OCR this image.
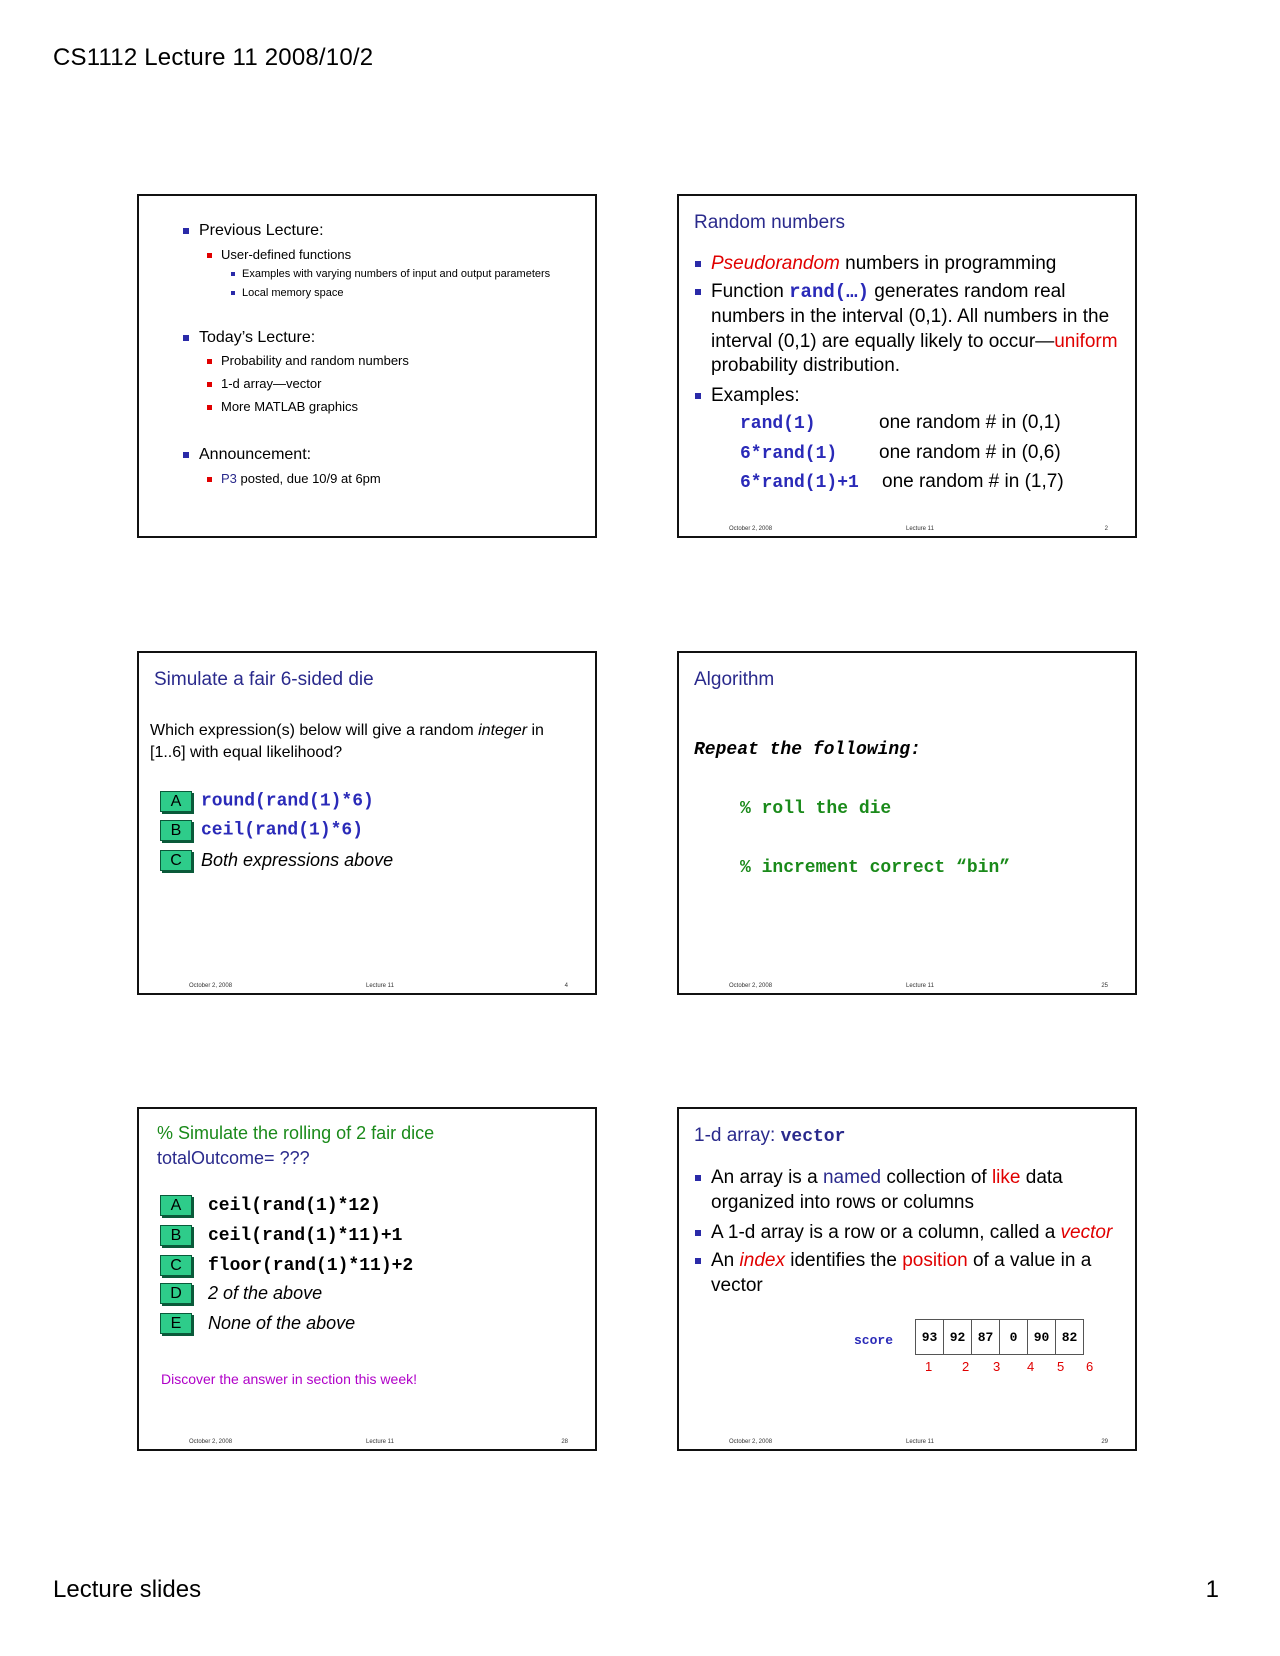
CS1112 Lecture 11 2008/10/2
Previous Lecture:
User-defined functions
Examples with varying numbers of input and output parameters
Local memory space
Today’s Lecture:
Probability and random numbers
1-d array—vector
More MATLAB graphics
Announcement:
P3 posted, due 10/9 at 6pm
Random numbers
Pseudorandom numbers in programming
Function rand(…) generates random real
numbers in the interval (0,1). All numbers in the
interval (0,1) are equally likely to occur—uniform
probability distribution.
Examples:
rand(1)	one random # in (0,1)
6*rand(1) one random # in (0,6)
6*rand(1)+1 one random # in (1,7)
October 2, 2008	Lecture 11	2
Simulate a fair 6-sided die
Which expression(s) below will give a random integer in
[1..6] with equal likelihood?
A round(rand(1)*6)
B ceil(rand(1)*6)
C Both expressions above
October 2, 2008	Lecture 11	4
Algorithm
Repeat the following:
% roll the die
% increment correct “bin”
October 2, 2008	Lecture 11	25
% Simulate the rolling of 2 fair dice
totalOutcome= ???
A ceil(rand(1)*12)
B ceil(rand(1)*11)+1
C floor(rand(1)*11)+2
D 2 of the above
E None of the above
Discover the answer in section this week!
October 2, 2008	Lecture 11	28
1-d array: vector
An array is a named collection of like data
organized into rows or columns
A 1-d array is a row or a column, called a vector
An index identifies the position of a value in a
vector
score 93	92	87	0	90	82
1 2 3 4 5 6
October 2, 2008	Lecture 11	29
Lecture slides	1
